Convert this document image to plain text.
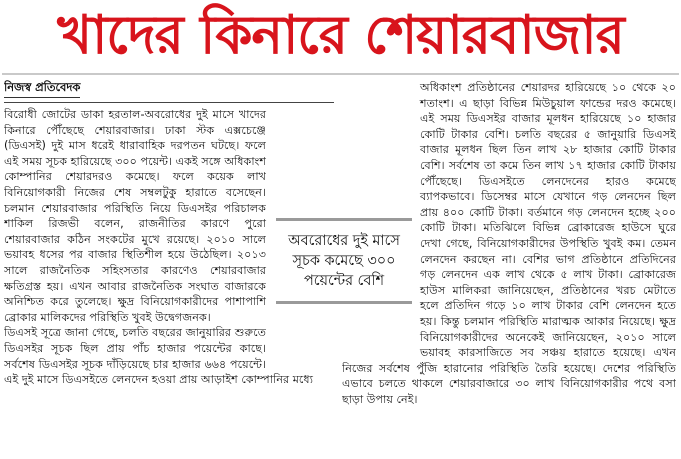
খাদের কিনারে শেয়ারবাজার
নিজস্ব প্রতিবেদক

বিরোধী জোটের ডাকা হরতাল-অবরোধের দুই মাসে খাদের কিনারে পৌঁছেছে শেয়ারবাজার। ঢাকা স্টক এক্সচেঞ্জে (ডিএসই) দুই মাস ধরেই ধারাবাহিক দরপতন ঘটছে। ফলে এই সময় সূচক হারিয়েছে ৩০০ পয়েন্ট। একই সঙ্গে অধিকাংশ কোম্পানির শেয়ারদরও কমেছে। ফলে কয়েক লাখ বিনিয়োগকারী নিজের শেষ সম্বলটুকু হারাতে বসেছেন। চলমান শেয়ারবাজার পরিস্থিতি নিয়ে ডিএসইর পরিচালক শাকিল রিজভী বলেন, রাজনীতির কারণে পুরো শেয়ারবাজার কঠিন সংকটের মুখে রয়েছে। ২০১০ সালে ভয়াবহ ধসের পর বাজার স্থিতিশীল হয়ে উঠেছিল। ২০১৩ সালে রাজনৈতিক সহিংসতার কারণেও শেয়ারবাজার ক্ষতিগ্রস্ত হয়। এখন আবার রাজনৈতিক সংঘাত বাজারকে অনিশ্চিত করে তুলেছে। ক্ষুদ্র বিনিয়োগকারীদের পাশাপাশি ব্রোকার মালিকদের পরিস্থিতি খুবই উদ্বেগজনক।

ডিএসই সূত্রে জানা গেছে, চলতি বছরের জানুয়ারির শুরুতে ডিএসইর সূচক ছিল প্রায় পাঁচ হাজার পয়েন্টের কাছে। সর্বশেষ ডিএসইর সূচক দাঁড়িয়েছে চার হাজার ৬৬৪ পয়েন্টে। এই দুই মাসে ডিএসইতে লেনদেন হওয়া প্রায় আড়াইশ কোম্পানির মধ্যে

অধিকাংশ প্রতিষ্ঠানের শেয়ারদর হারিয়েছে ১০ থেকে ২০ শতাংশ। এ ছাড়া বিভিন্ন মিউচুয়াল ফান্ডের দরও কমেছে। এই সময় ডিএসইর বাজার মূলধন হারিয়েছে ১০ হাজার কোটি টাকার বেশি। চলতি বছরের ৫ জানুয়ারি ডিএসই বাজার মূলধন ছিল তিন লাখ ২৮ হাজার কোটি টাকার বেশি। সর্বশেষ তা কমে তিন লাখ ১৭ হাজার কোটি টাকায় পৌঁছেছে। ডিএসইতে লেনদেনের হারও কমেছে ব্যাপকভাবে। ডিসেম্বর মাসে যেখানে গড় লেনদেন ছিল প্রায় ৪০০ কোটি টাকা। বর্তমানে গড় লেনদেন হচ্ছে ২০০ কোটি টাকা। মতিঝিলে বিভিন্ন ব্রোকারেজ হাউসে ঘুরে দেখা গেছে, বিনিয়োগকারীদের উপস্থিতি খুবই কম। তেমন লেনদেন করছেন না। বেশির ভাগ প্রতিষ্ঠানে প্রতিদিনের গড় লেনদেন এক লাখ থেকে ৫ লাখ টাকা। ব্রোকারেজ হাউস মালিকরা জানিয়েছেন, প্রতিষ্ঠানের খরচ মেটাতে হলে প্রতিদিন গড়ে ১০ লাখ টাকার বেশি লেনদেন হতে হয়। কিন্তু চলমান পরিস্থিতি মারাত্মক আকার নিয়েছে। ক্ষুদ্র বিনিয়োগকারীদের অনেকেই জানিয়েছেন, ২০১০ সালে ভয়াবহ কারসাজিতে সব সঞ্চয় হারাতে হয়েছে। এখন নিজের সর্বশেষ পুঁজি হারানোর পরিস্থিতি তৈরি হয়েছে। দেশের পরিস্থিতি এভাবে চলতে থাকলে শেয়ারবাজারে ৩০ লাখ বিনিয়োগকারীর পথে বসা ছাড়া উপায় নেই।

অবরোধের দুই মাসে সূচক কমেছে ৩০০ পয়েন্টের বেশি
